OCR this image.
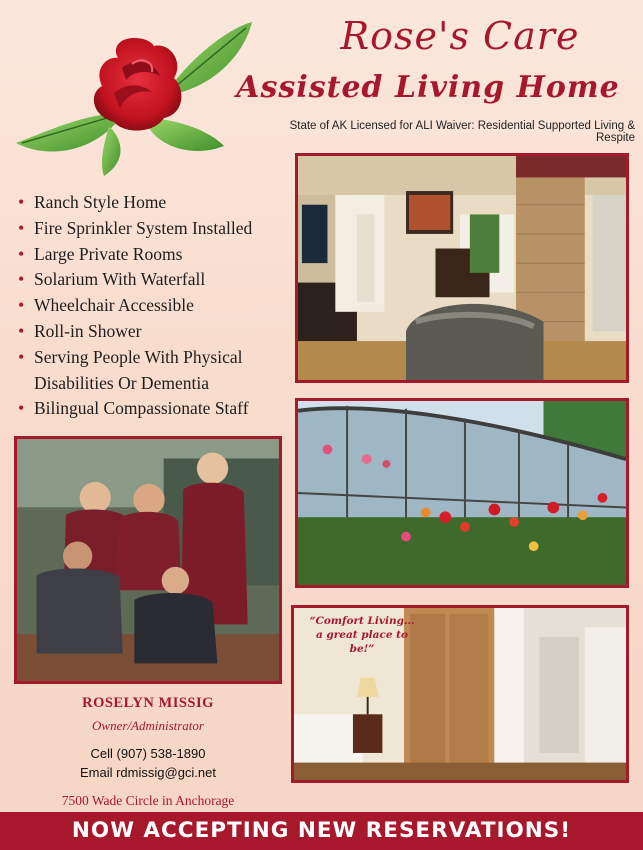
Rose's Care
Assisted Living Home
State of AK Licensed for ALI Waiver: Residential Supported Living & Respite
• Ranch Style Home
• Fire Sprinkler System Installed
• Large Private Rooms
• Solarium With Waterfall
• Wheelchair Accessible
• Roll-in Shower
• Serving People With Physical Disabilities Or Dementia
• Bilingual Compassionate Staff
“Comfort Living…
a great place to be!”
ROSELYN MISSIG
Owner/Administrator
Cell (907) 538-1890
Email rdmissig@gci.net
7500 Wade Circle in Anchorage
NOW ACCEPTING NEW RESERVATIONS!
